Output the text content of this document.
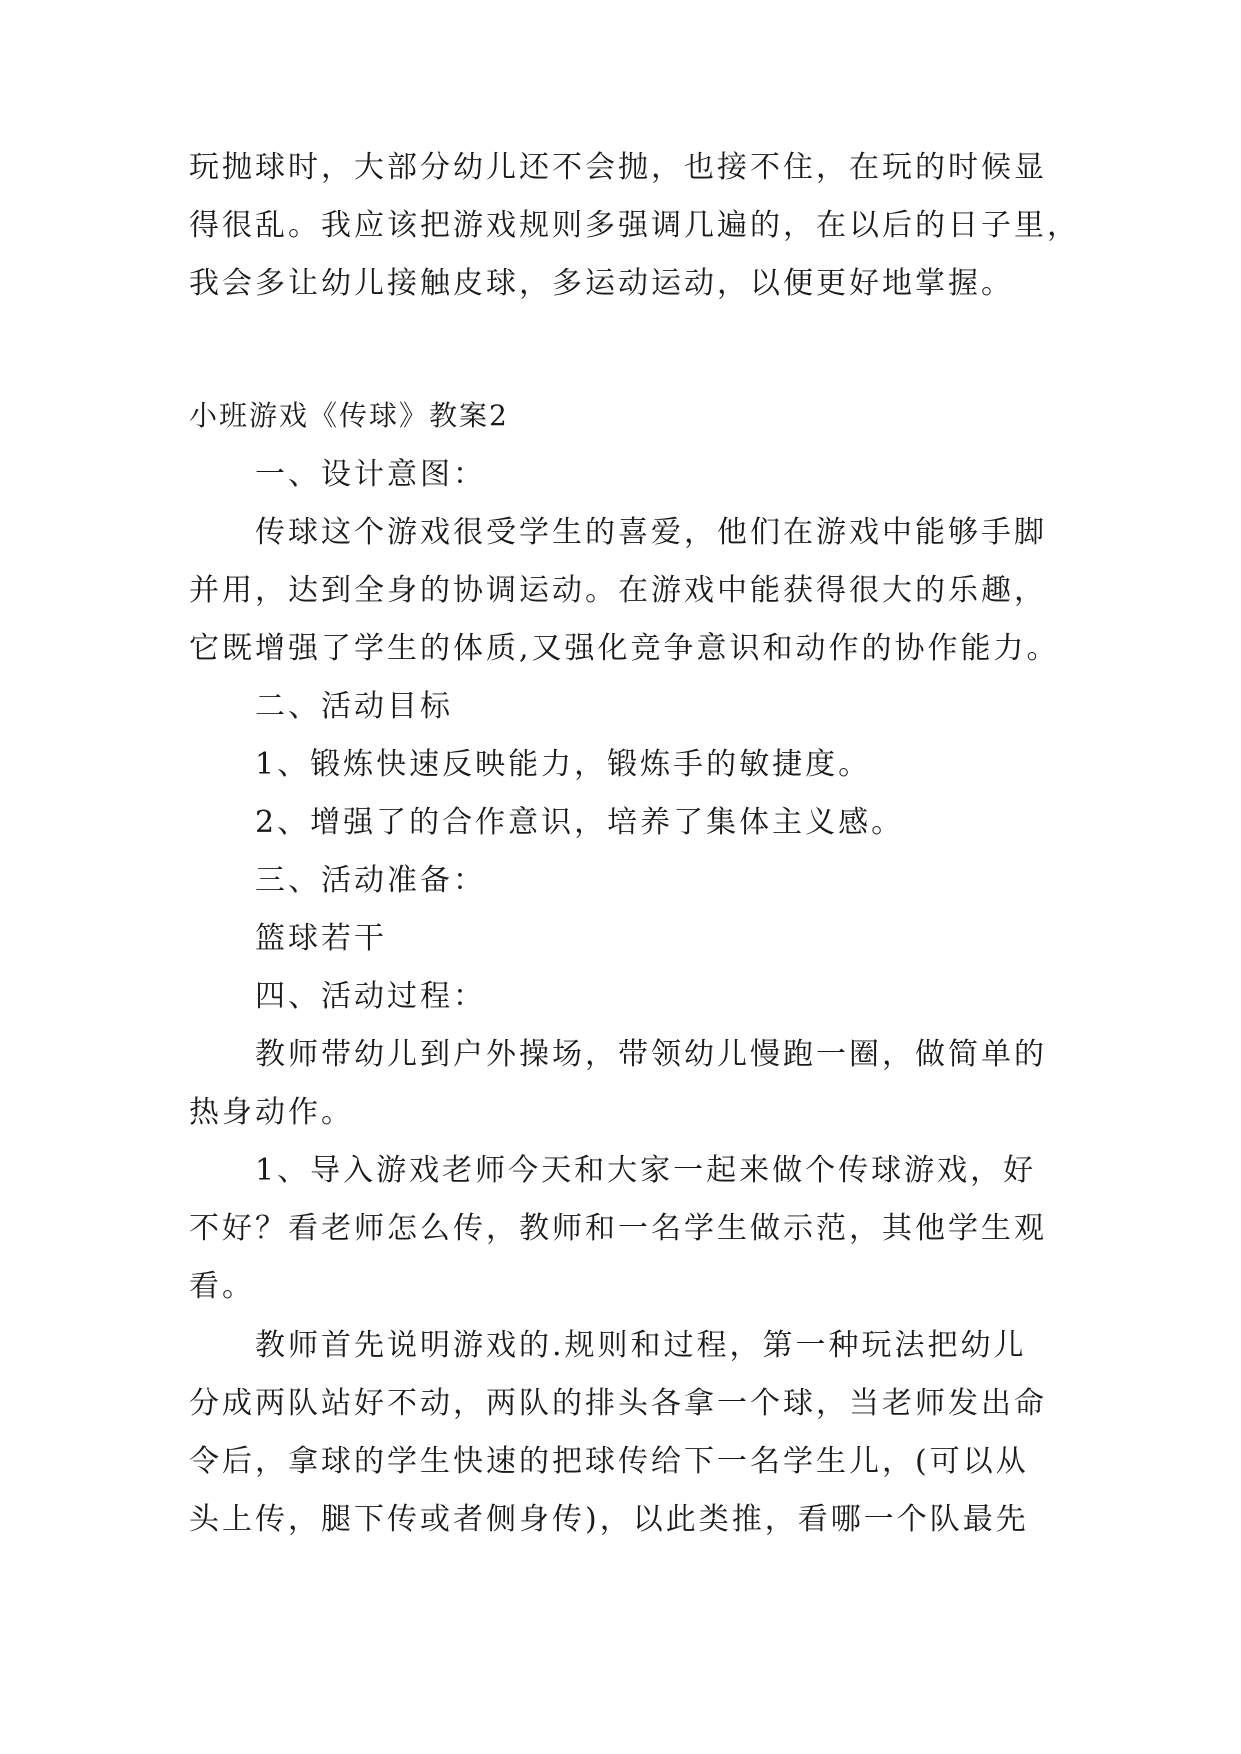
玩抛球时，大部分幼儿还不会抛，也接不住，在玩的时候显
得很乱。我应该把游戏规则多强调几遍的，在以后的日子里，
我会多让幼儿接触皮球，多运动运动，以便更好地掌握。
小班游戏《传球》教案2
一、设计意图：
传球这个游戏很受学生的喜爱，他们在游戏中能够手脚
并用，达到全身的协调运动。在游戏中能获得很大的乐趣，
它既增强了学生的体质,又强化竞争意识和动作的协作能力。
二、活动目标
1、锻炼快速反映能力，锻炼手的敏捷度。
2、增强了的合作意识，培养了集体主义感。
三、活动准备：
篮球若干
四、活动过程：
教师带幼儿到户外操场，带领幼儿慢跑一圈，做简单的
热身动作。
1、导入游戏老师今天和大家一起来做个传球游戏，好
不好？看老师怎么传，教师和一名学生做示范，其他学生观
看。
教师首先说明游戏的.规则和过程，第一种玩法把幼儿
分成两队站好不动，两队的排头各拿一个球，当老师发出命
令后，拿球的学生快速的把球传给下一名学生儿，(可以从
头上传，腿下传或者侧身传)，以此类推，看哪一个队最先
